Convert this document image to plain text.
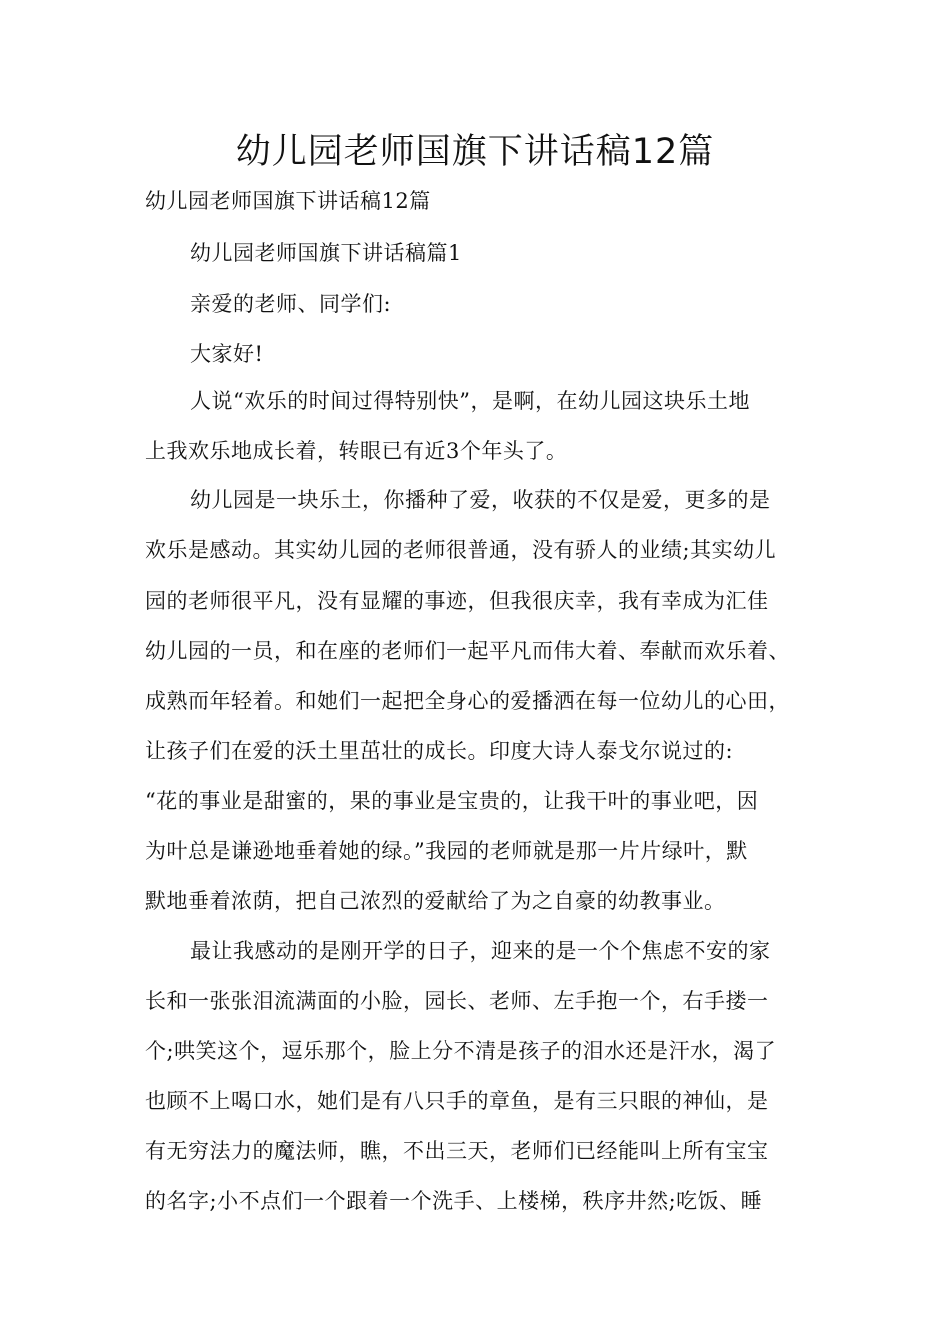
幼儿园老师国旗下讲话稿12篇

幼儿园老师国旗下讲话稿12篇

幼儿园老师国旗下讲话稿篇1

亲爱的老师、同学们:

大家好!

人说“欢乐的时间过得特别快”，是啊，在幼儿园这块乐土地

上我欢乐地成长着，转眼已有近3个年头了。

幼儿园是一块乐土，你播种了爱，收获的不仅是爱，更多的是

欢乐是感动。其实幼儿园的老师很普通，没有骄人的业绩;其实幼儿

园的老师很平凡，没有显耀的事迹，但我很庆幸，我有幸成为汇佳

幼儿园的一员，和在座的老师们一起平凡而伟大着、奉献而欢乐着、

成熟而年轻着。和她们一起把全身心的爱播洒在每一位幼儿的心田，

让孩子们在爱的沃土里茁壮的成长。印度大诗人泰戈尔说过的:

“花的事业是甜蜜的，果的事业是宝贵的，让我干叶的事业吧，因

为叶总是谦逊地垂着她的绿。”我园的老师就是那一片片绿叶，默

默地垂着浓荫，把自己浓烈的爱献给了为之自豪的幼教事业。

最让我感动的是刚开学的日子，迎来的是一个个焦虑不安的家

长和一张张泪流满面的小脸，园长、老师、左手抱一个，右手搂一

个;哄笑这个，逗乐那个，脸上分不清是孩子的泪水还是汗水，渴了

也顾不上喝口水，她们是有八只手的章鱼，是有三只眼的神仙，是

有无穷法力的魔法师，瞧，不出三天，老师们已经能叫上所有宝宝

的名字;小不点们一个跟着一个洗手、上楼梯，秩序井然;吃饭、睡
